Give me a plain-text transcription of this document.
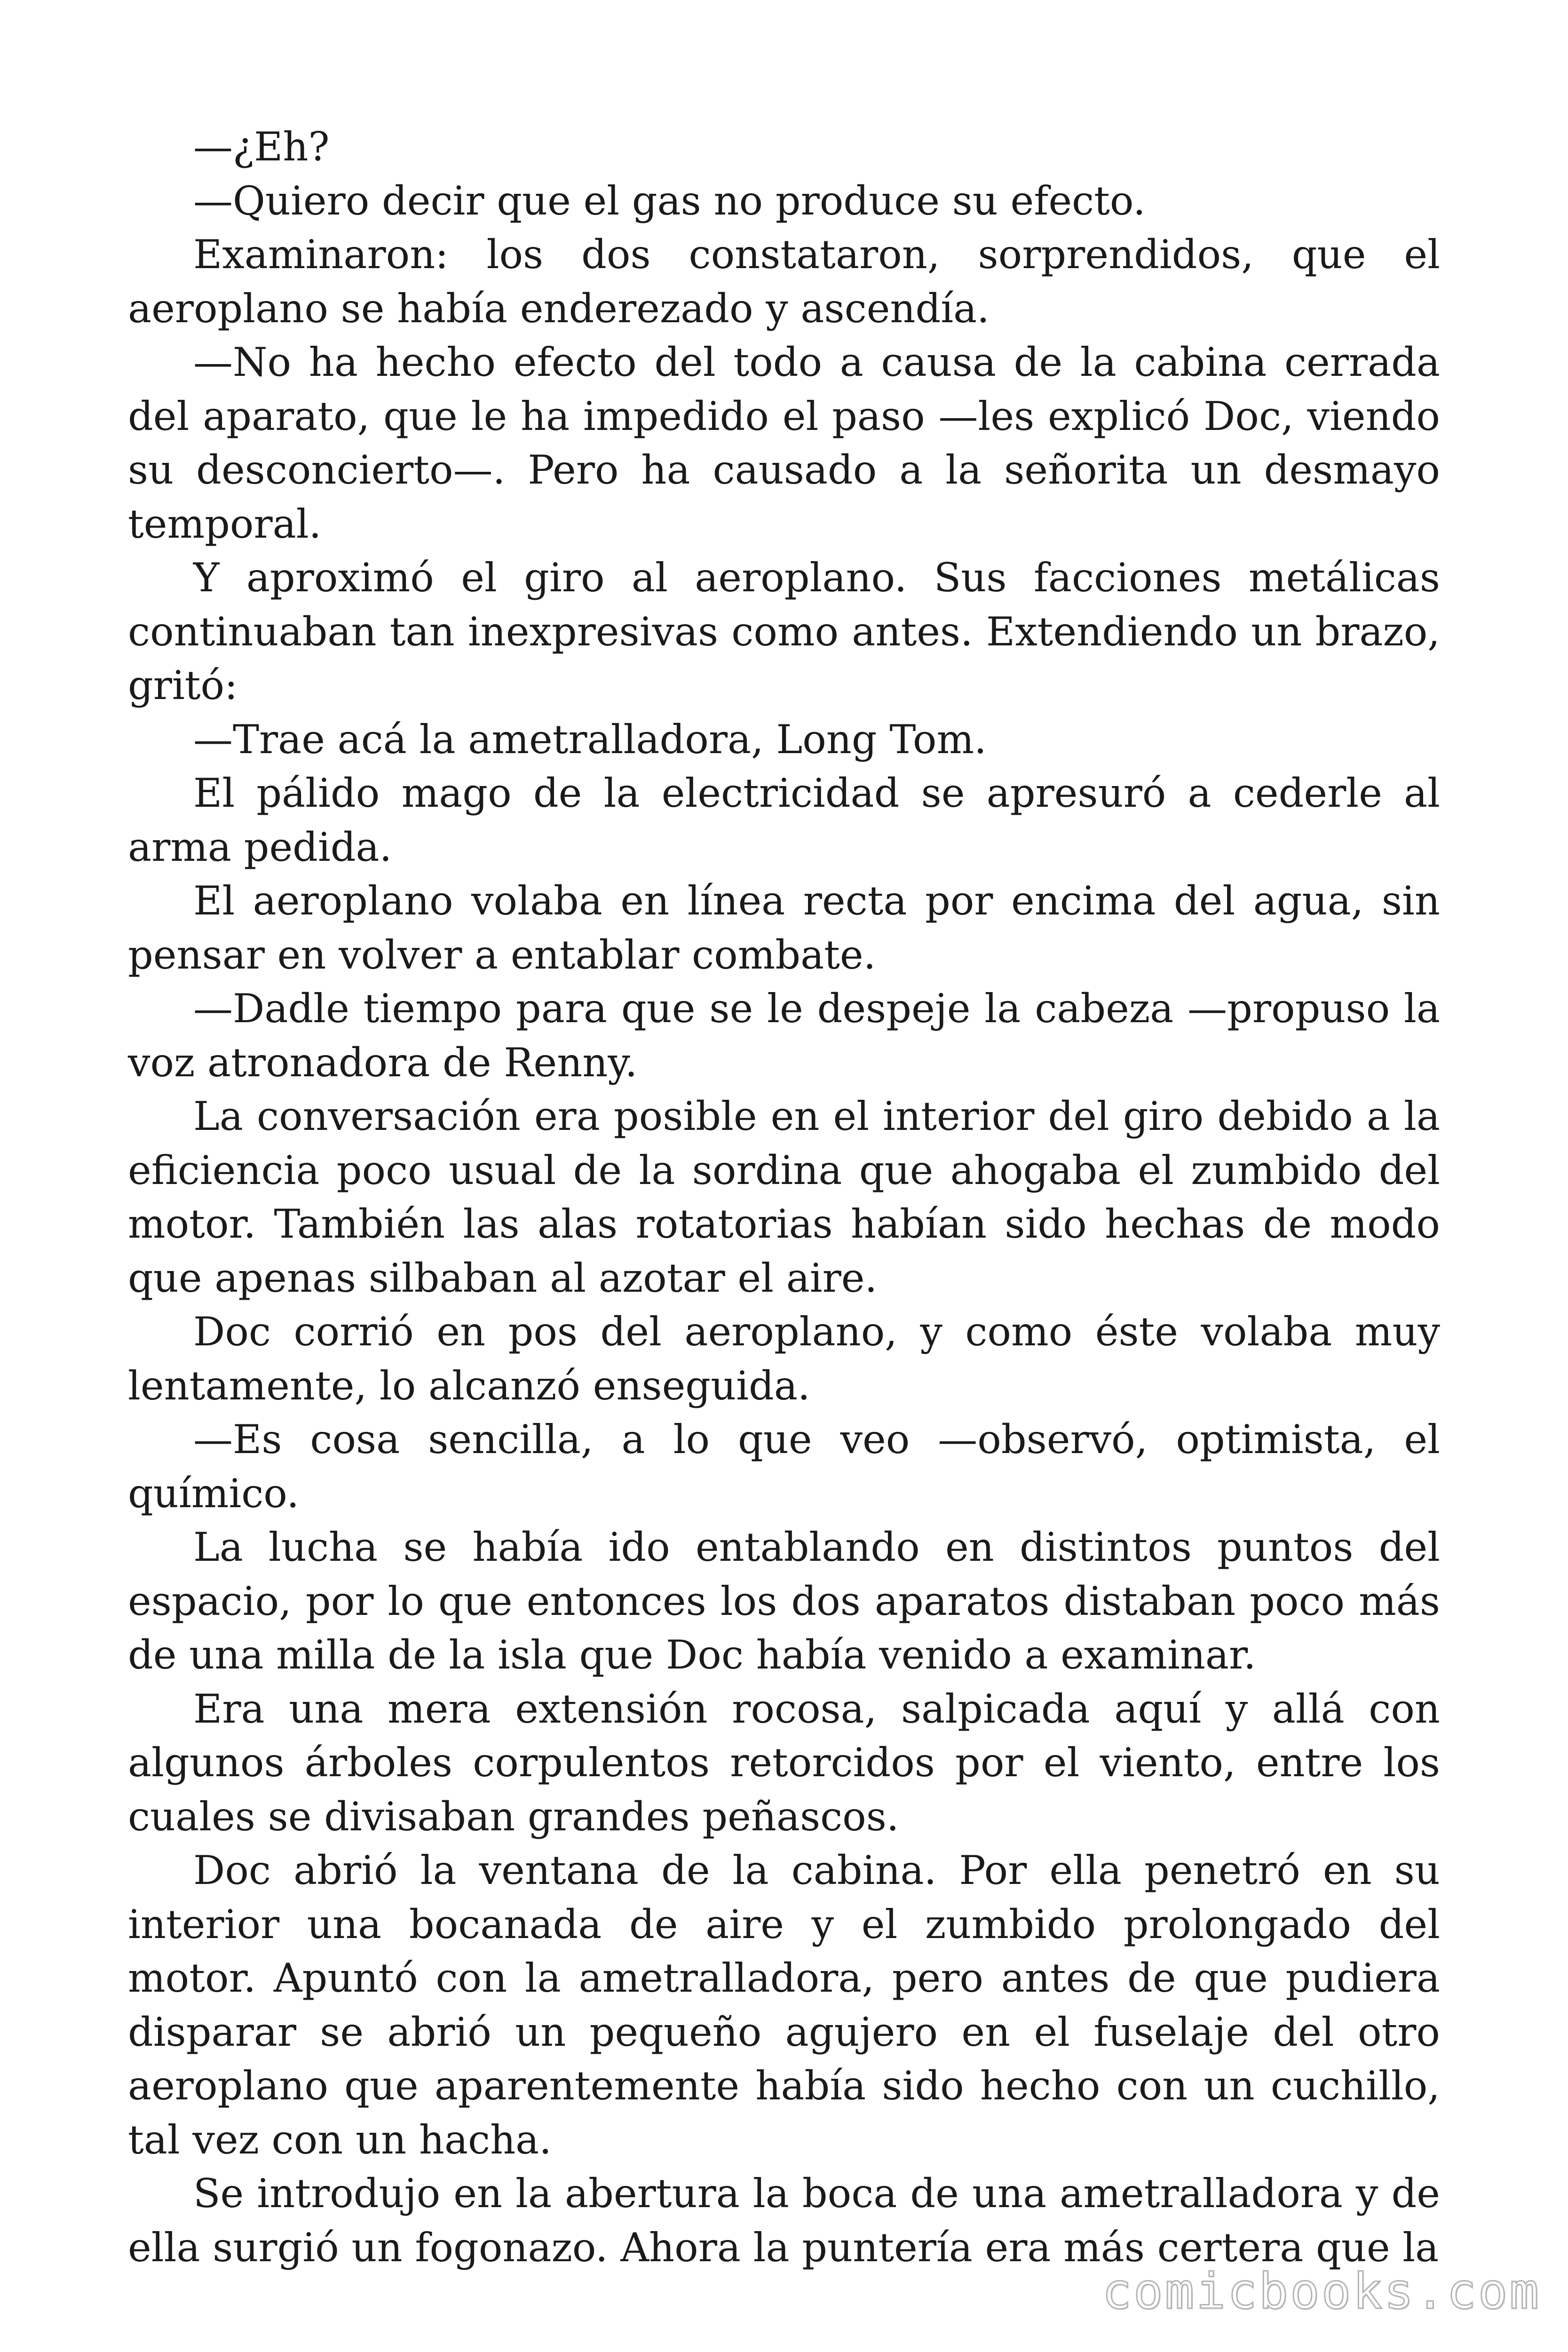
—¿Eh?

—Quiero decir que el gas no produce su efecto.

Examinaron: los dos constataron, sorprendidos, que el aeroplano se había enderezado y ascendía.

—No ha hecho efecto del todo a causa de la cabina cerrada del aparato, que le ha impedido el paso —les explicó Doc, viendo su desconcierto—. Pero ha causado a la señorita un desmayo temporal.

Y aproximó el giro al aeroplano. Sus facciones metálicas continuaban tan inexpresivas como antes. Extendiendo un brazo, gritó:

—Trae acá la ametralladora, Long Tom.

El pálido mago de la electricidad se apresuró a cederle al arma pedida.

El aeroplano volaba en línea recta por encima del agua, sin pensar en volver a entablar combate.

—Dadle tiempo para que se le despeje la cabeza —propuso la voz atronadora de Renny.

La conversación era posible en el interior del giro debido a la eficiencia poco usual de la sordina que ahogaba el zumbido del motor. También las alas rotatorias habían sido hechas de modo que apenas silbaban al azotar el aire.

Doc corrió en pos del aeroplano, y como éste volaba muy lentamente, lo alcanzó enseguida.

—Es cosa sencilla, a lo que veo —observó, optimista, el químico.

La lucha se había ido entablando en distintos puntos del espacio, por lo que entonces los dos aparatos distaban poco más de una milla de la isla que Doc había venido a examinar.

Era una mera extensión rocosa, salpicada aquí y allá con algunos árboles corpulentos retorcidos por el viento, entre los cuales se divisaban grandes peñascos.

Doc abrió la ventana de la cabina. Por ella penetró en su interior una bocanada de aire y el zumbido prolongado del motor. Apuntó con la ametralladora, pero antes de que pudiera disparar se abrió un pequeño agujero en el fuselaje del otro aeroplano que aparentemente había sido hecho con un cuchillo, tal vez con un hacha.

Se introdujo en la abertura la boca de una ametralladora y de ella surgió un fogonazo. Ahora la puntería era más certera que la

comicbooks.com
